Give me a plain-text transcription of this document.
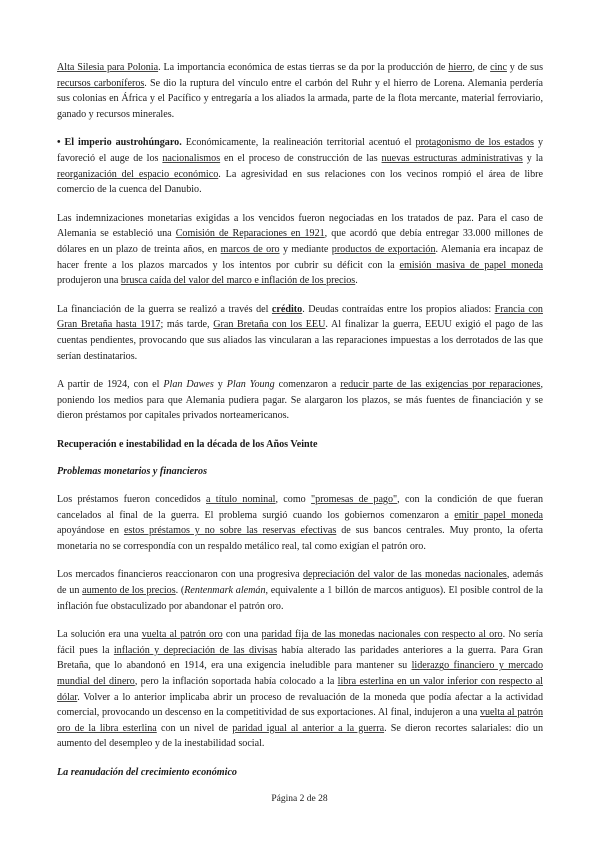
Alta Silesia para Polonia. La importancia económica de estas tierras se da por la producción de hierro, de cinc y de sus recursos carboníferos. Se dio la ruptura del vínculo entre el carbón del Ruhr y el hierro de Lorena. Alemania perdería sus colonias en África y el Pacífico y entregaría a los aliados la armada, parte de la flota mercante, material ferroviario, ganado y recursos minerales.

• El imperio austrohúngaro. Económicamente, la realineación territorial acentuó el protagonismo de los estados y favoreció el auge de los nacionalismos en el proceso de construcción de las nuevas estructuras administrativas y la reorganización del espacio económico. La agresividad en sus relaciones con los vecinos rompió el área de libre comercio de la cuenca del Danubio.

Las indemnizaciones monetarias exigidas a los vencidos fueron negociadas en los tratados de paz. Para el caso de Alemania se estableció una Comisión de Reparaciones en 1921, que acordó que debía entregar 33.000 millones de dólares en un plazo de treinta años, en marcos de oro y mediante productos de exportación. Alemania era incapaz de hacer frente a los plazos marcados y los intentos por cubrir su déficit con la emisión masiva de papel moneda produjeron una brusca caída del valor del marco e inflación de los precios.

La financiación de la guerra se realizó a través del crédito. Deudas contraídas entre los propios aliados: Francia con Gran Bretaña hasta 1917; más tarde, Gran Bretaña con los EEU. Al finalizar la guerra, EEUU exigió el pago de las cuentas pendientes, provocando que sus aliados las vincularan a las reparaciones impuestas a los derrotados de las que serían destinatarios.

A partir de 1924, con el Plan Dawes y Plan Young comenzaron a reducir parte de las exigencias por reparaciones, poniendo los medios para que Alemania pudiera pagar. Se alargaron los plazos, se más fuentes de financiación y se dieron préstamos por capitales privados norteamericanos.

Recuperación e inestabilidad en la década de los Años Veinte

Problemas monetarios y financieros

Los préstamos fueron concedidos a título nominal, como "promesas de pago", con la condición de que fueran cancelados al final de la guerra. El problema surgió cuando los gobiernos comenzaron a emitir papel moneda apoyándose en estos préstamos y no sobre las reservas efectivas de sus bancos centrales. Muy pronto, la oferta monetaria no se correspondía con un respaldo metálico real, tal como exigían el patrón oro.

Los mercados financieros reaccionaron con una progresiva depreciación del valor de las monedas nacionales, además de un aumento de los precios. (Rentenmark alemán, equivalente a 1 billón de marcos antiguos). El posible control de la inflación fue obstaculizado por abandonar el patrón oro.

La solución era una vuelta al patrón oro con una paridad fija de las monedas nacionales con respecto al oro. No sería fácil pues la inflación y depreciación de las divisas había alterado las paridades anteriores a la guerra. Para Gran Bretaña, que lo abandonó en 1914, era una exigencia ineludible para mantener su liderazgo financiero y mercado mundial del dinero, pero la inflación soportada había colocado a la libra esterlina en un valor inferior con respecto al dólar. Volver a lo anterior implicaba abrir un proceso de revaluación de la moneda que podía afectar a la actividad comercial, provocando un descenso en la competitividad de sus exportaciones. Al final, indujeron a una vuelta al patrón oro de la libra esterlina con un nivel de paridad igual al anterior a la guerra. Se dieron recortes salariales: dio un aumento del desempleo y de la inestabilidad social.

La reanudación del crecimiento económico

Página 2 de 28
